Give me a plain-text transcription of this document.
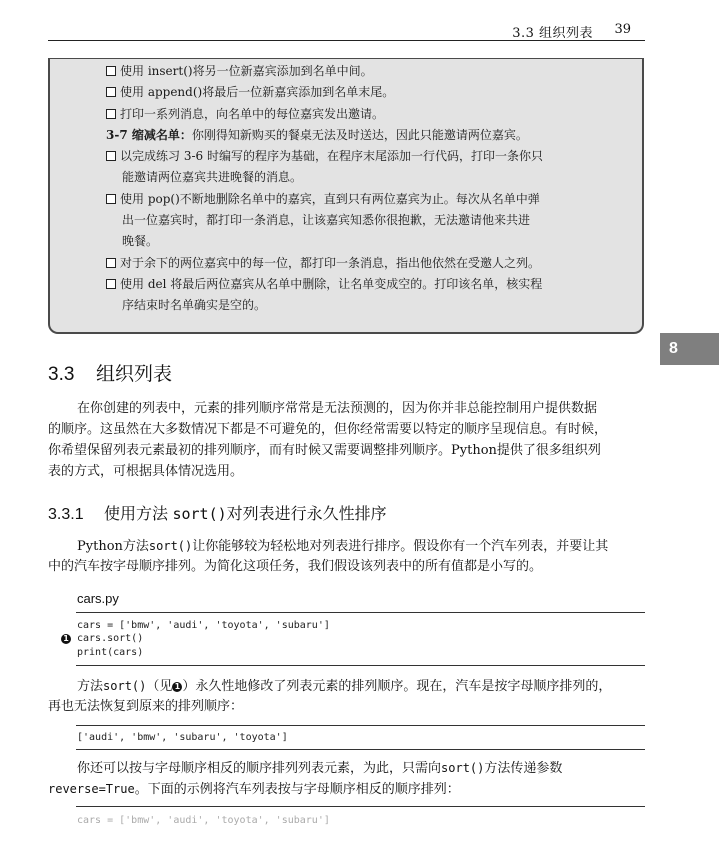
3.3 组织列表 39
使用 insert()将另一位新嘉宾添加到名单中间。
使用 append()将最后一位新嘉宾添加到名单末尾。
打印一系列消息，向名单中的每位嘉宾发出邀请。
3-7 缩减名单：你刚得知新购买的餐桌无法及时送达，因此只能邀请两位嘉宾。
以完成练习 3-6 时编写的程序为基础，在程序末尾添加一行代码，打印一条你只
能邀请两位嘉宾共进晚餐的消息。
使用 pop()不断地删除名单中的嘉宾，直到只有两位嘉宾为止。每次从名单中弹
出一位嘉宾时，都打印一条消息，让该嘉宾知悉你很抱歉，无法邀请他来共进
晚餐。
对于余下的两位嘉宾中的每一位，都打印一条消息，指出他依然在受邀人之列。
使用 del 将最后两位嘉宾从名单中删除，让名单变成空的。打印该名单，核实程
序结束时名单确实是空的。
8
3.3 组织列表
在你创建的列表中，元素的排列顺序常常是无法预测的，因为你并非总能控制用户提供数据
的顺序。这虽然在大多数情况下都是不可避免的，但你经常需要以特定的顺序呈现信息。有时候，
你希望保留列表元素最初的排列顺序，而有时候又需要调整排列顺序。Python提供了很多组织列
表的方式，可根据具体情况选用。
3.3.1 使用方法 sort()对列表进行永久性排序
Python方法sort()让你能够较为轻松地对列表进行排序。假设你有一个汽车列表，并要让其
中的汽车按字母顺序排列。为简化这项任务，我们假设该列表中的所有值都是小写的。
cars.py
cars = ['bmw', 'audi', 'toyota', 'subaru']
1 cars.sort()
print(cars)
方法sort()（见 1 ）永久性地修改了列表元素的排列顺序。现在，汽车是按字母顺序排列的，
再也无法恢复到原来的排列顺序：
['audi', 'bmw', 'subaru', 'toyota']
你还可以按与字母顺序相反的顺序排列列表元素，为此，只需向sort()方法传递参数
reverse=True。下面的示例将汽车列表按与字母顺序相反的顺序排列：
cars = ['bmw', 'audi', 'toyota', 'subaru']
